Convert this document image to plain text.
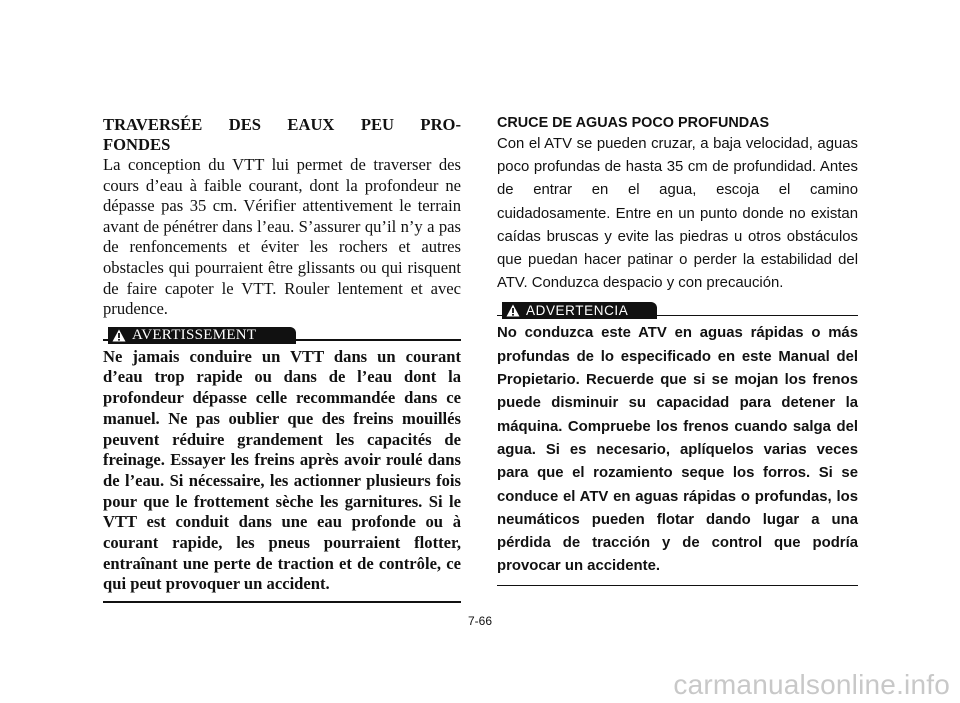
TRAVERSÉE DES EAUX PEU PRO-
FONDES

La conception du VTT lui permet de traverser des cours d’eau à faible courant, dont la profondeur ne dépasse pas 35 cm. Vérifier attentivement le terrain avant de pénétrer dans l’eau. S’assurer qu’il n’y a pas de renfoncements et éviter les rochers et autres obstacles qui pourraient être glissants ou qui risquent de faire capoter le VTT. Rouler lentement et avec prudence.

AVERTISSEMENT

Ne jamais conduire un VTT dans un courant d’eau trop rapide ou dans de l’eau dont la profondeur dépasse celle recommandée dans ce manuel. Ne pas oublier que des freins mouillés peuvent réduire grandement les capacités de freinage. Essayer les freins après avoir roulé dans de l’eau. Si nécessaire, les actionner plusieurs fois pour que le frottement sèche les garnitures. Si le VTT est conduit dans une eau profonde ou à courant rapide, les pneus pourraient flotter, entraînant une perte de traction et de contrôle, ce qui peut provoquer un accident.

CRUCE DE AGUAS POCO PROFUNDAS

Con el ATV se pueden cruzar, a baja velocidad, aguas poco profundas de hasta 35 cm de profundidad. Antes de entrar en el agua, escoja el camino cuidadosamente. Entre en un punto donde no existan caídas bruscas y evite las piedras u otros obstáculos que puedan hacer patinar o perder la estabilidad del ATV. Conduzca despacio y con precaución.

ADVERTENCIA

No conduzca este ATV en aguas rápidas o más profundas de lo especificado en este Manual del Propietario. Recuerde que si se mojan los frenos puede disminuir su capacidad para detener la máquina. Compruebe los frenos cuando salga del agua. Si es necesario, aplíquelos varias veces para que el rozamiento seque los forros. Si se conduce el ATV en aguas rápidas o profundas, los neumáticos pueden flotar dando lugar a una pérdida de tracción y de control que podría provocar un accidente.

7-66
carmanualsonline.info
